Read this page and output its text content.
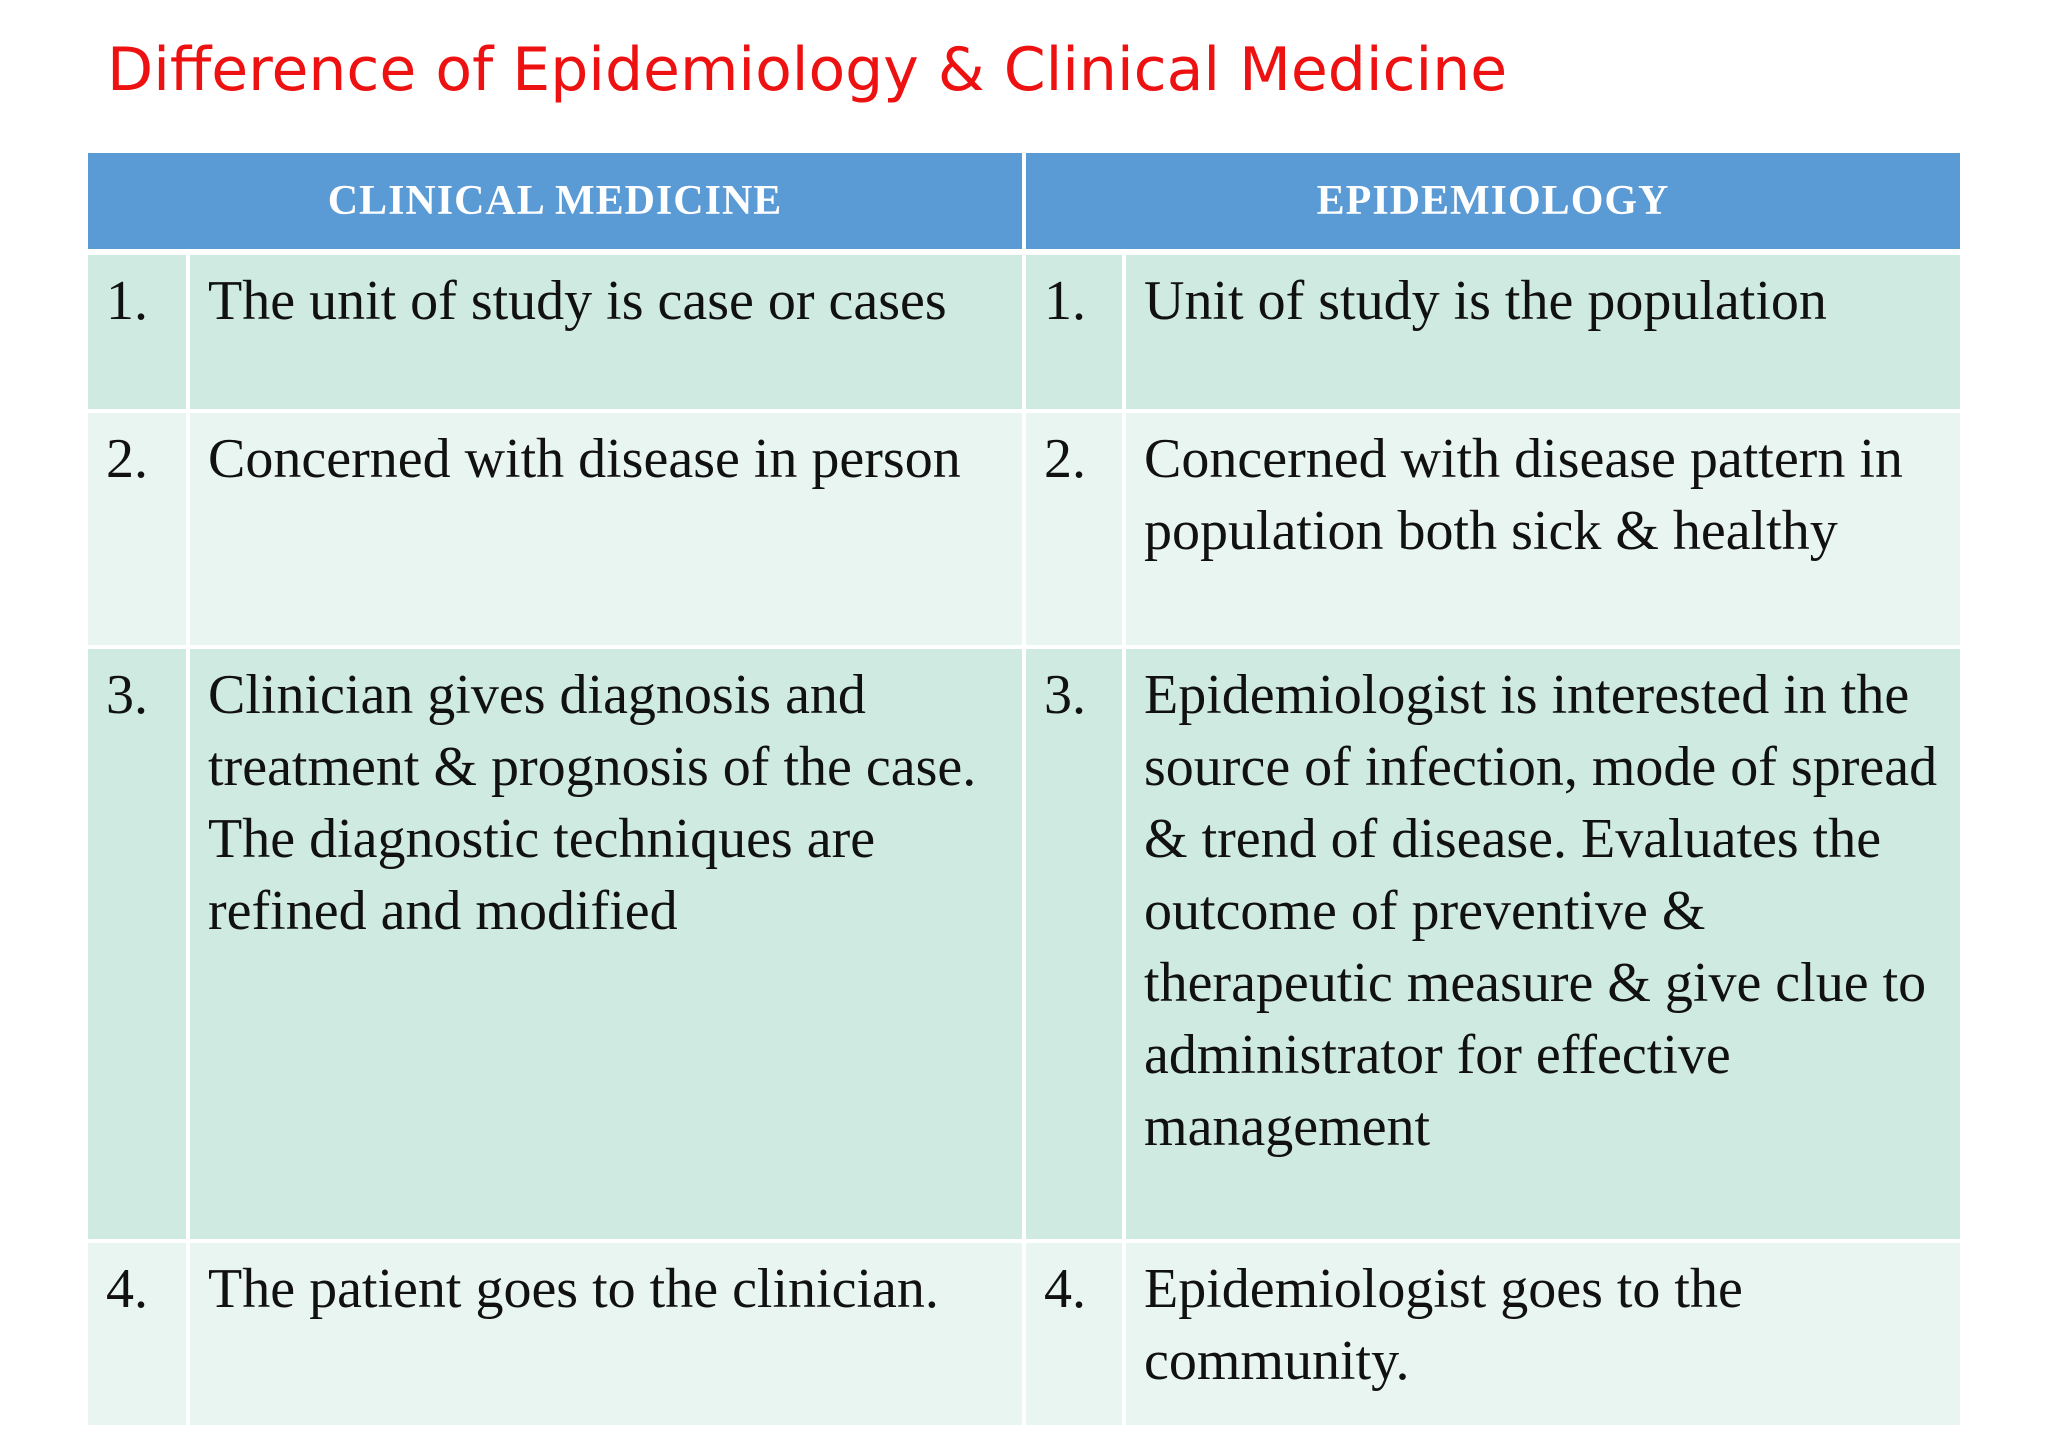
Difference of Epidemiology & Clinical Medicine
CLINICAL MEDICINE		EPIDEMIOLOGY	
1.	The unit of study is case or cases	1.	Unit of study is the population
2.	Concerned with disease in person	2.	Concerned with disease pattern in population both sick & healthy
3.	Clinician gives diagnosis and treatment & prognosis of the case. The diagnostic techniques are refined and modified	3.	Epidemiologist is interested in the source of infection, mode of spread & trend of disease. Evaluates the outcome of preventive & therapeutic measure & give clue to administrator for effective management
4.	The patient goes to the clinician.	4.	Epidemiologist goes to the community.
